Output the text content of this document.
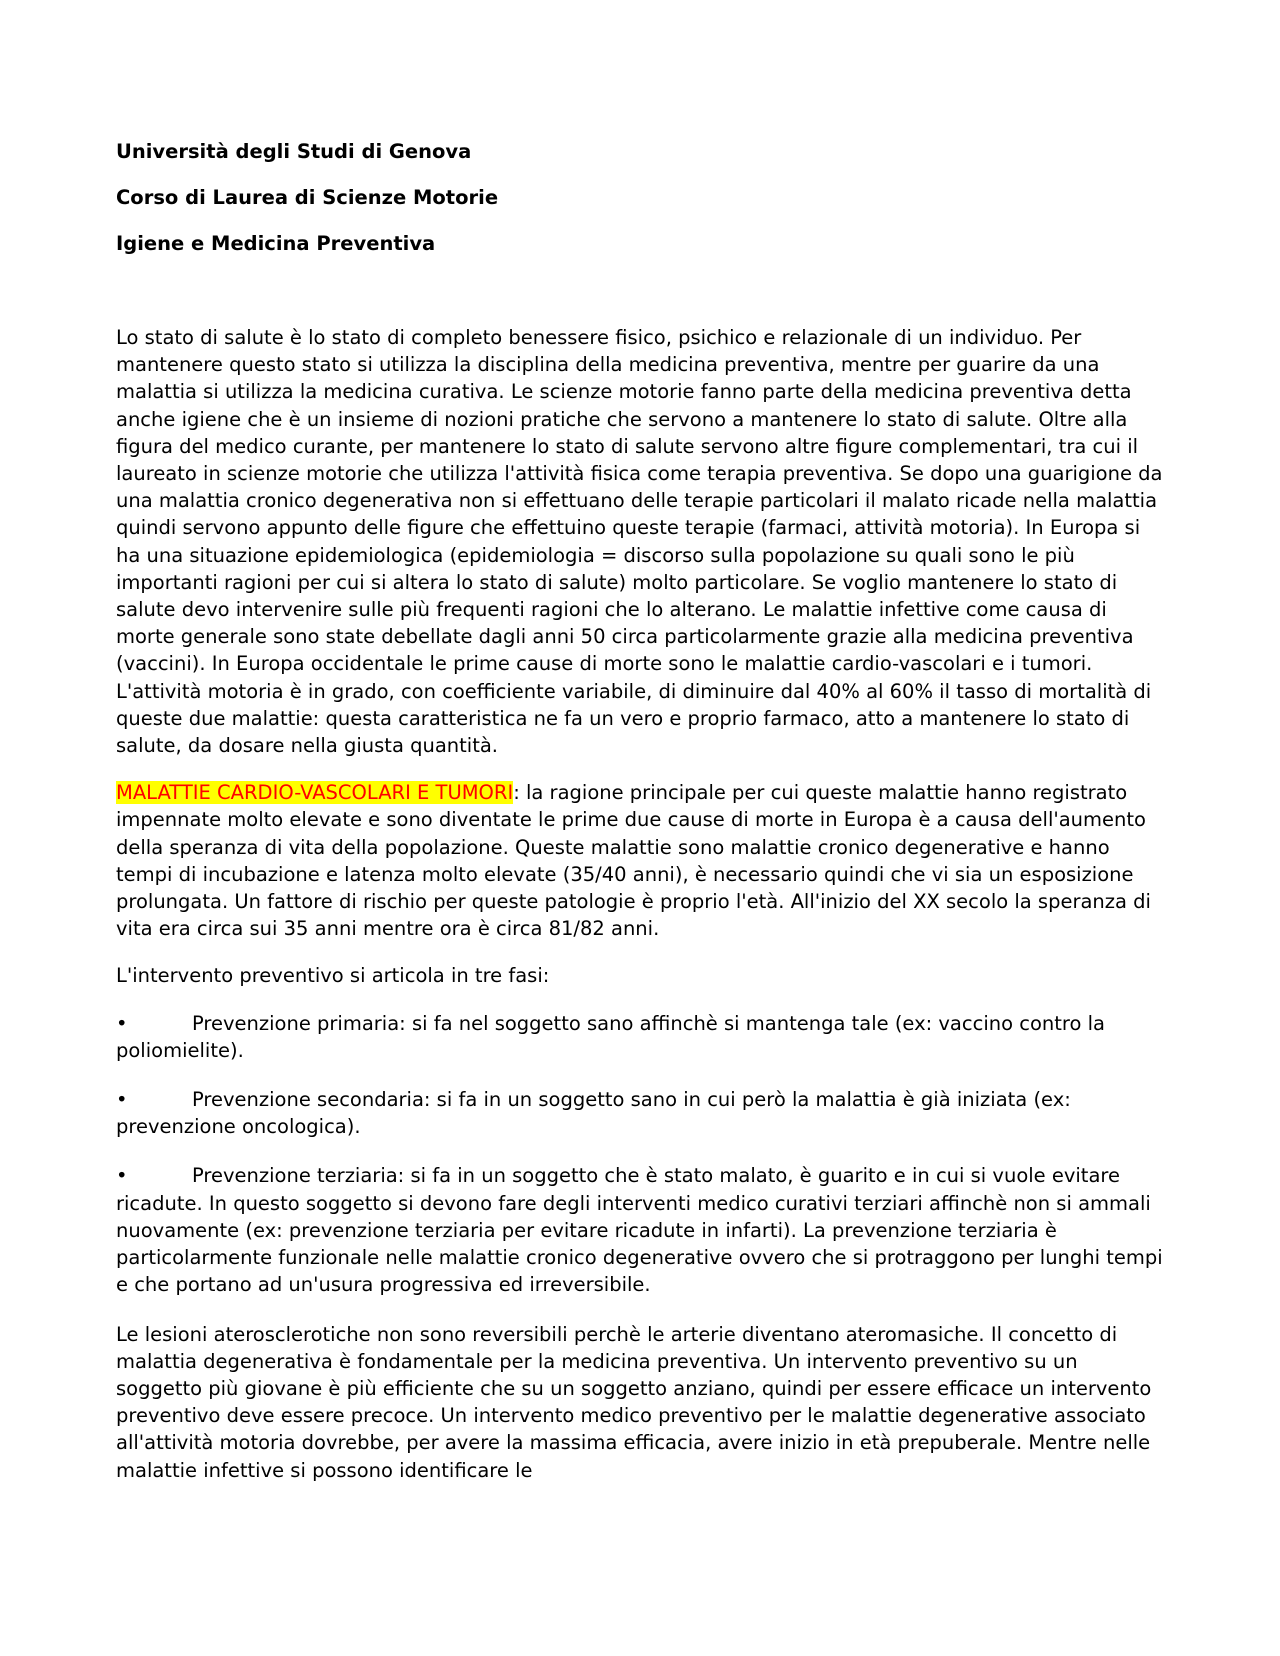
Università degli Studi di Genova
Corso di Laurea di Scienze Motorie
Igiene e Medicina Preventiva

Lo stato di salute è lo stato di completo benessere fisico, psichico e relazionale di un individuo. Per mantenere questo stato si utilizza la disciplina della medicina preventiva, mentre per guarire da una malattia si utilizza la medicina curativa. Le scienze motorie fanno parte della medicina preventiva detta anche igiene che è un insieme di nozioni pratiche che servono a mantenere lo stato di salute. Oltre alla figura del medico curante, per mantenere lo stato di salute servono altre figure complementari, tra cui il laureato in scienze motorie che utilizza l'attività fisica come terapia preventiva. Se dopo una guarigione da una malattia cronico degenerativa non si effettuano delle terapie particolari il malato ricade nella malattia quindi servono appunto delle figure che effettuino queste terapie (farmaci, attività motoria). In Europa si ha una situazione epidemiologica (epidemiologia = discorso sulla popolazione su quali sono le più importanti ragioni per cui si altera lo stato di salute) molto particolare. Se voglio mantenere lo stato di salute devo intervenire sulle più frequenti ragioni che lo alterano. Le malattie infettive come causa di morte generale sono state debellate dagli anni 50 circa particolarmente grazie alla medicina preventiva (vaccini). In Europa occidentale le prime cause di morte sono le malattie cardio-vascolari e i tumori. L'attività motoria è in grado, con coefficiente variabile, di diminuire dal 40% al 60% il tasso di mortalità di queste due malattie: questa caratteristica ne fa un vero e proprio farmaco, atto a mantenere lo stato di salute, da dosare nella giusta quantità.

MALATTIE CARDIO-VASCOLARI E TUMORI: la ragione principale per cui queste malattie hanno registrato impennate molto elevate e sono diventate le prime due cause di morte in Europa è a causa dell'aumento della speranza di vita della popolazione. Queste malattie sono malattie cronico degenerative e hanno tempi di incubazione e latenza molto elevate (35/40 anni), è necessario quindi che vi sia un esposizione prolungata. Un fattore di rischio per queste patologie è proprio l'età. All'inizio del XX secolo la speranza di vita era circa sui 35 anni mentre ora è circa 81/82 anni.

L'intervento preventivo si articola in tre fasi:

•	Prevenzione primaria: si fa nel soggetto sano affinchè si mantenga tale (ex: vaccino contro la poliomielite).

•	Prevenzione secondaria: si fa in un soggetto sano in cui però la malattia è già iniziata (ex: prevenzione oncologica).

•	Prevenzione terziaria: si fa in un soggetto che è stato malato, è guarito e in cui si vuole evitare ricadute. In questo soggetto si devono fare degli interventi medico curativi terziari affinchè non si ammali nuovamente (ex: prevenzione terziaria per evitare ricadute in infarti). La prevenzione terziaria è particolarmente funzionale nelle malattie cronico degenerative ovvero che si protraggono per lunghi tempi e che portano ad un'usura progressiva ed irreversibile.

Le lesioni aterosclerotiche non sono reversibili perchè le arterie diventano ateromasiche. Il concetto di malattia degenerativa è fondamentale per la medicina preventiva. Un intervento preventivo su un soggetto più giovane è più efficiente che su un soggetto anziano, quindi per essere efficace un intervento preventivo deve essere precoce. Un intervento medico preventivo per le malattie degenerative associato all'attività motoria dovrebbe, per avere la massima efficacia, avere inizio in età prepuberale. Mentre nelle malattie infettive si possono identificare le
